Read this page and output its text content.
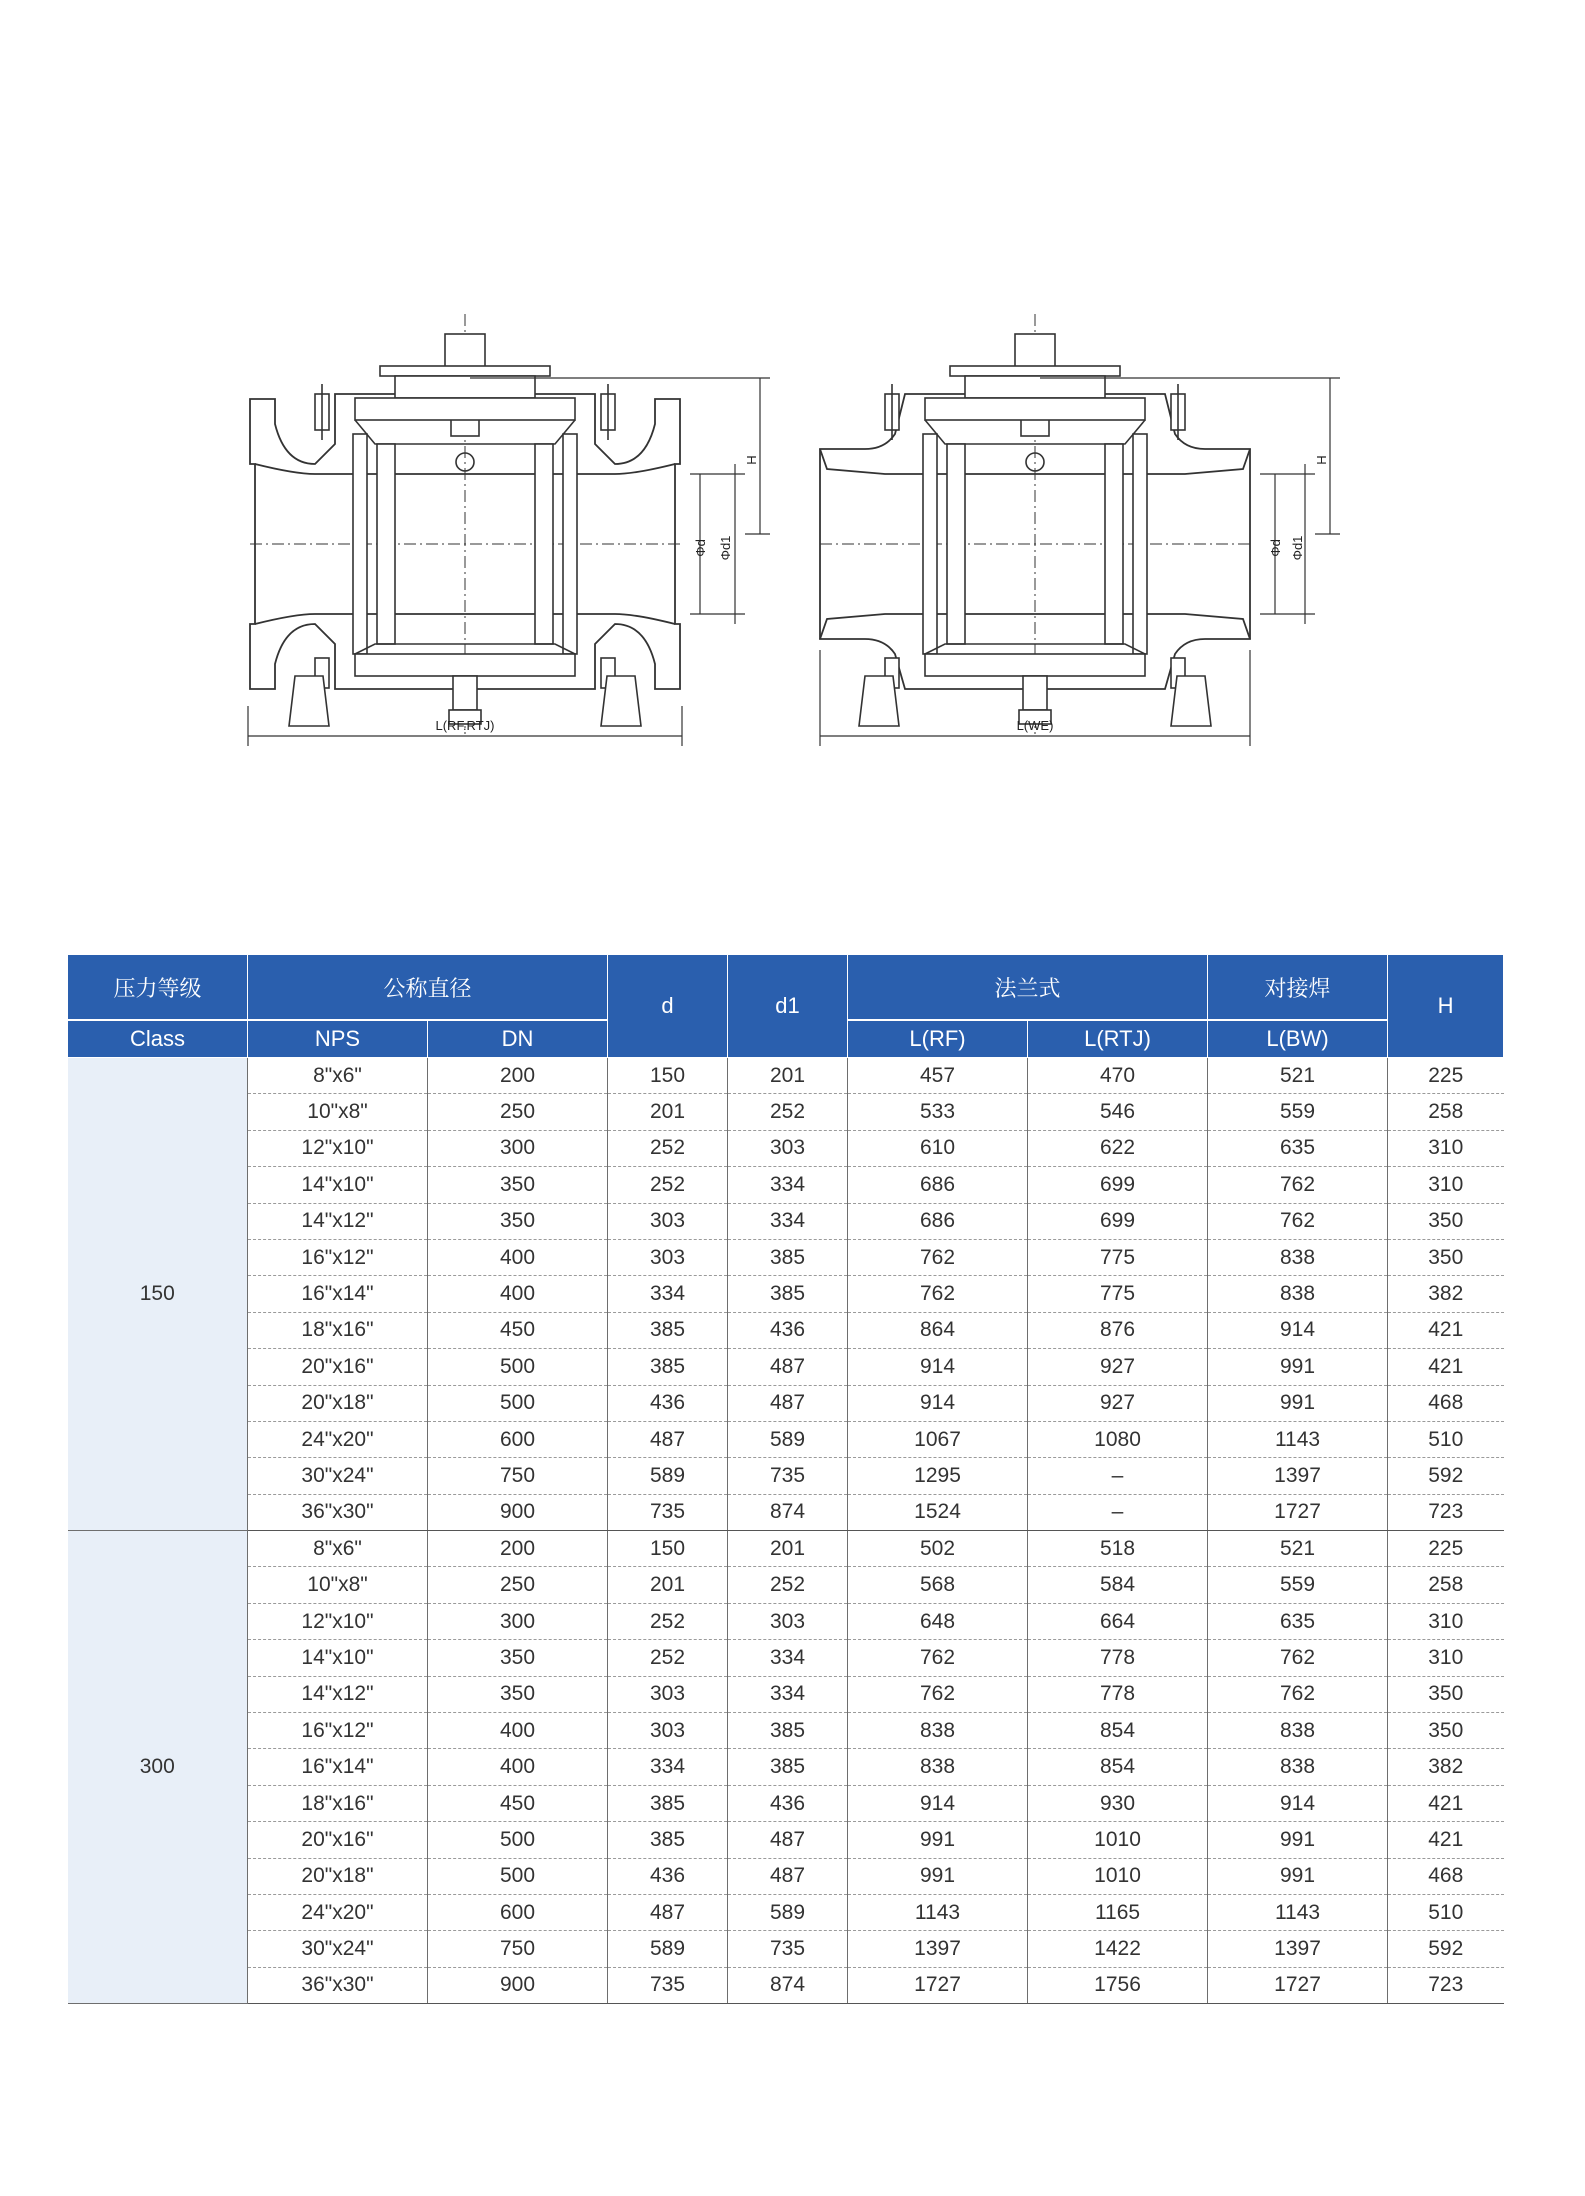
L(RF.RTJ)
Φd Φd1
H
L(WE)
Φd Φd1
H
压力等级	公称直径		d	d1	法兰式		对接焊	H
Class	NPS	DN			L(RF)	L(RTJ)	L(BW)	
150	8"x6"	200	150	201	457	470	521	225
	10"x8"	250	201	252	533	546	559	258
	12"x10"	300	252	303	610	622	635	310
	14"x10"	350	252	334	686	699	762	310
	14"x12"	350	303	334	686	699	762	350
	16"x12"	400	303	385	762	775	838	350
	16"x14"	400	334	385	762	775	838	382
	18"x16"	450	385	436	864	876	914	421
	20"x16"	500	385	487	914	927	991	421
	20"x18"	500	436	487	914	927	991	468
	24"x20"	600	487	589	1067	1080	1143	510
	30"x24"	750	589	735	1295	–	1397	592
	36"x30"	900	735	874	1524	–	1727	723
300	8"x6"	200	150	201	502	518	521	225
	10"x8"	250	201	252	568	584	559	258
	12"x10"	300	252	303	648	664	635	310
	14"x10"	350	252	334	762	778	762	310
	14"x12"	350	303	334	762	778	762	350
	16"x12"	400	303	385	838	854	838	350
	16"x14"	400	334	385	838	854	838	382
	18"x16"	450	385	436	914	930	914	421
	20"x16"	500	385	487	991	1010	991	421
	20"x18"	500	436	487	991	1010	991	468
	24"x20"	600	487	589	1143	1165	1143	510
	30"x24"	750	589	735	1397	1422	1397	592
	36"x30"	900	735	874	1727	1756	1727	723
